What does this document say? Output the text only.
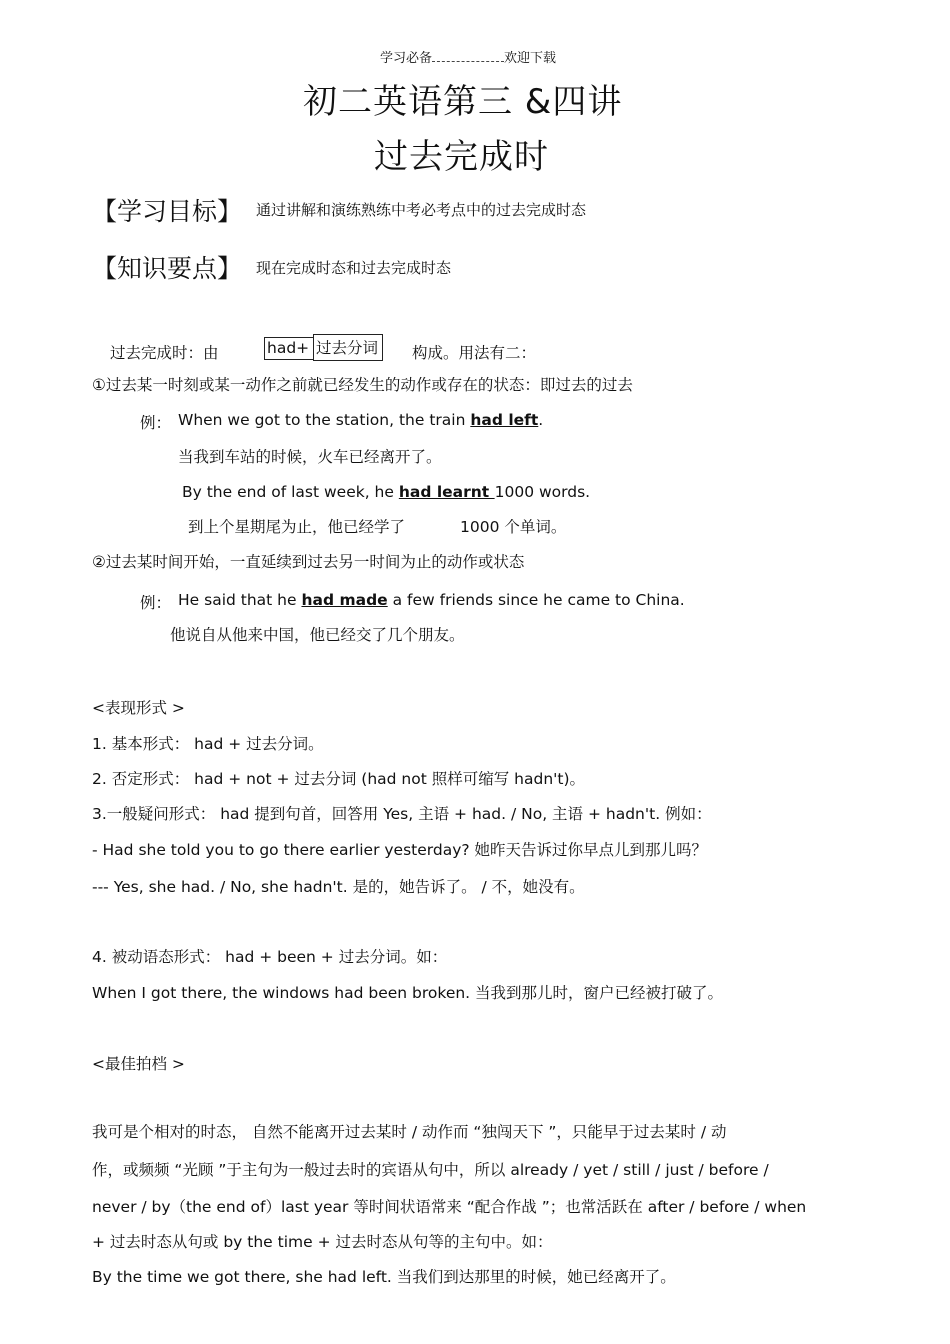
学习必备	欢迎下载
初二英语第三 &四讲
过去完成时
【学习目标】 通过讲解和演练熟练中考必考点中的过去完成时态
【知识要点】 现在完成时态和过去完成时态
过去完成时：由	had+ 过去分词	构成。用法有二：
①过去某一时刻或某一动作之前就已经发生的动作或存在的状态：即过去的过去
例： When we got to the station, the train had left.
当我到车站的时候，火车已经离开了。
By the end of last week, he had learnt 1000 words.
到上个星期尾为止，他已经学了	1000 个单词。
②过去某时间开始，一直延续到过去另一时间为止的动作或状态
例： He said that he had made a few friends since he came to China.
他说自从他来中国，他已经交了几个朋友。
<表现形式 >
1. 基本形式： had + 过去分词。
2. 否定形式： had + not + 过去分词 (had not 照样可缩写 hadn't)。
3.一般疑问形式： had 提到句首，回答用 Yes, 主语 + had. / No, 主语 + hadn't. 例如：
- Had she told you to go there earlier yesterday? 她昨天告诉过你早点儿到那儿吗？
--- Yes, she had. / No, she hadn't. 是的，她告诉了。 / 不，她没有。
4. 被动语态形式： had + been + 过去分词。如：
When I got there, the windows had been broken. 当我到那儿时，窗户已经被打破了。
<最佳拍档 >
我可是个相对的时态， 自然不能离开过去某时 / 动作而 “独闯天下 ”，只能早于过去某时 / 动
作，或频频 “光顾 ”于主句为一般过去时的宾语从句中，所以 already / yet / still / just / before /
never / by（the end of）last year 等时间状语常来 “配合作战 ”；也常活跃在 after / before / when
+ 过去时态从句或 by the time + 过去时态从句等的主句中。如：
By the time we got there, she had left. 当我们到达那里的时候，她已经离开了。
